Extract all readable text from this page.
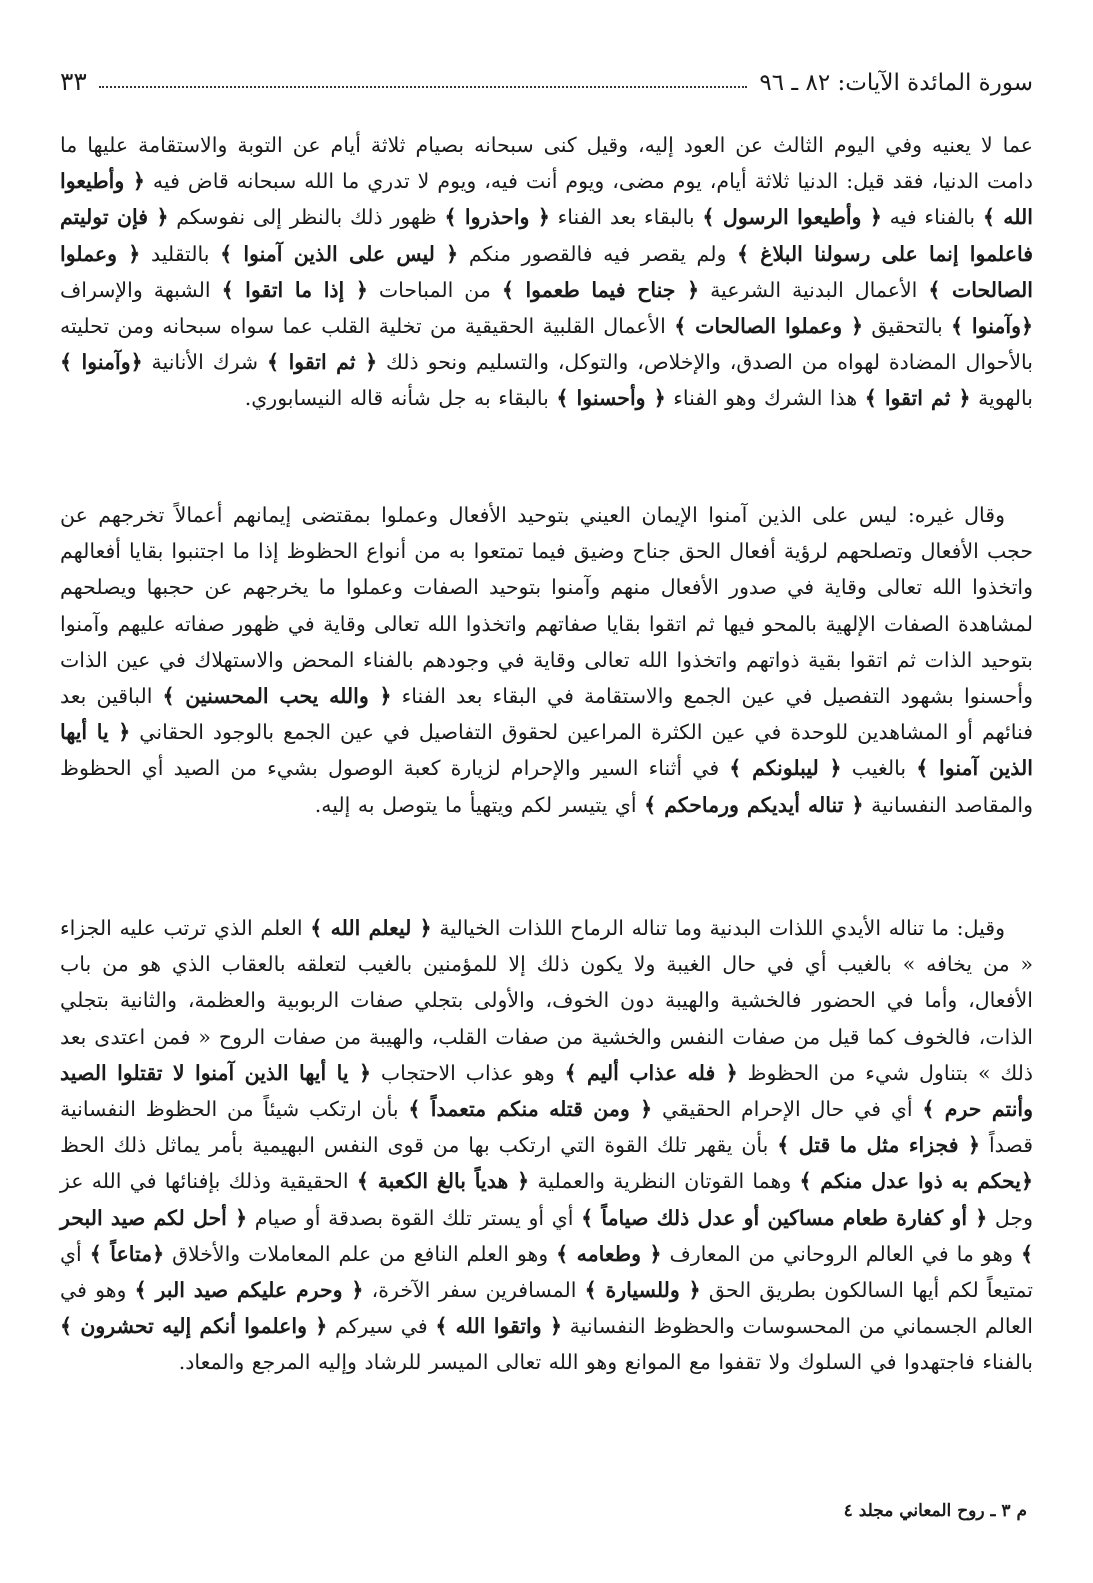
سورة المائدة الآيات: ٨٢ ـ ٩٦
٣٣

عما لا يعنيه وفي اليوم الثالث عن العود إليه، وقيل كنى سبحانه بصيام ثلاثة أيام عن التوبة والاستقامة عليها ما دامت الدنيا، فقد قيل: الدنيا ثلاثة أيام، يوم مضى، ويوم أنت فيه، ويوم لا تدري ما الله سبحانه قاض فيه ﴿ وأطيعوا الله ﴾ بالفناء فيه ﴿ وأطيعوا الرسول ﴾ بالبقاء بعد الفناء ﴿ واحذروا ﴾ ظهور ذلك بالنظر إلى نفوسكم ﴿ فإن توليتم فاعلموا إنما على رسولنا البلاغ ﴾ ولم يقصر فيه فالقصور منكم ﴿ ليس على الذين آمنوا ﴾ بالتقليد ﴿ وعملوا الصالحات ﴾ الأعمال البدنية الشرعية ﴿ جناح فيما طعموا ﴾ من المباحات ﴿ إذا ما اتقوا ﴾ الشبهة والإسراف ﴿وآمنوا ﴾ بالتحقيق ﴿ وعملوا الصالحات ﴾ الأعمال القلبية الحقيقية من تخلية القلب عما سواه سبحانه ومن تحليته بالأحوال المضادة لهواه من الصدق، والإخلاص، والتوكل، والتسليم ونحو ذلك ﴿ ثم اتقوا ﴾ شرك الأنانية ﴿وآمنوا ﴾ بالهوية ﴿ ثم اتقوا ﴾ هذا الشرك وهو الفناء ﴿ وأحسنوا ﴾ بالبقاء به جل شأنه قاله النيسابوري.

وقال غيره: ليس على الذين آمنوا الإيمان العيني بتوحيد الأفعال وعملوا بمقتضى إيمانهم أعمالاً تخرجهم عن حجب الأفعال وتصلحهم لرؤية أفعال الحق جناح وضيق فيما تمتعوا به من أنواع الحظوظ إذا ما اجتنبوا بقايا أفعالهم واتخذوا الله تعالى وقاية في صدور الأفعال منهم وآمنوا بتوحيد الصفات وعملوا ما يخرجهم عن حجبها ويصلحهم لمشاهدة الصفات الإلهية بالمحو فيها ثم اتقوا بقايا صفاتهم واتخذوا الله تعالى وقاية في ظهور صفاته عليهم وآمنوا بتوحيد الذات ثم اتقوا بقية ذواتهم واتخذوا الله تعالى وقاية في وجودهم بالفناء المحض والاستهلاك في عين الذات وأحسنوا بشهود التفصيل في عين الجمع والاستقامة في البقاء بعد الفناء ﴿ والله يحب المحسنين ﴾ الباقين بعد فنائهم أو المشاهدين للوحدة في عين الكثرة المراعين لحقوق التفاصيل في عين الجمع بالوجود الحقاني ﴿ يا أيها الذين آمنوا ﴾ بالغيب ﴿ ليبلونكم ﴾ في أثناء السير والإحرام لزيارة كعبة الوصول بشيء من الصيد أي الحظوظ والمقاصد النفسانية ﴿ تناله أيديكم ورماحكم ﴾ أي يتيسر لكم ويتهيأ ما يتوصل به إليه.

وقيل: ما تناله الأيدي اللذات البدنية وما تناله الرماح اللذات الخيالية ﴿ ليعلم الله ﴾ العلم الذي ترتب عليه الجزاء « من يخافه » بالغيب أي في حال الغيبة ولا يكون ذلك إلا للمؤمنين بالغيب لتعلقه بالعقاب الذي هو من باب الأفعال، وأما في الحضور فالخشية والهيبة دون الخوف، والأولى بتجلي صفات الربوبية والعظمة، والثانية بتجلي الذات، فالخوف كما قيل من صفات النفس والخشية من صفات القلب، والهيبة من صفات الروح « فمن اعتدى بعد ذلك » بتناول شيء من الحظوظ ﴿ فله عذاب أليم ﴾ وهو عذاب الاحتجاب ﴿ يا أيها الذين آمنوا لا تقتلوا الصيد وأنتم حرم ﴾ أي في حال الإحرام الحقيقي ﴿ ومن قتله منكم متعمداً ﴾ بأن ارتكب شيئاً من الحظوظ النفسانية قصداً ﴿ فجزاء مثل ما قتل ﴾ بأن يقهر تلك القوة التي ارتكب بها من قوى النفس البهيمية بأمر يماثل ذلك الحظ ﴿يحكم به ذوا عدل منكم ﴾ وهما القوتان النظرية والعملية ﴿ هدياً بالغ الكعبة ﴾ الحقيقية وذلك بإفنائها في الله عز وجل ﴿ أو كفارة طعام مساكين أو عدل ذلك صياماً ﴾ أي أو يستر تلك القوة بصدقة أو صيام ﴿ أحل لكم صيد البحر ﴾ وهو ما في العالم الروحاني من المعارف ﴿ وطعامه ﴾ وهو العلم النافع من علم المعاملات والأخلاق ﴿متاعاً ﴾ أي تمتيعاً لكم أيها السالكون بطريق الحق ﴿ وللسيارة ﴾ المسافرين سفر الآخرة، ﴿ وحرم عليكم صيد البر ﴾ وهو في العالم الجسماني من المحسوسات والحظوظ النفسانية ﴿ واتقوا الله ﴾ في سيركم ﴿ واعلموا أنكم إليه تحشرون ﴾ بالفناء فاجتهدوا في السلوك ولا تقفوا مع الموانع وهو الله تعالى الميسر للرشاد وإليه المرجع والمعاد.

م ٣ ـ روح المعاني مجلد ٤
